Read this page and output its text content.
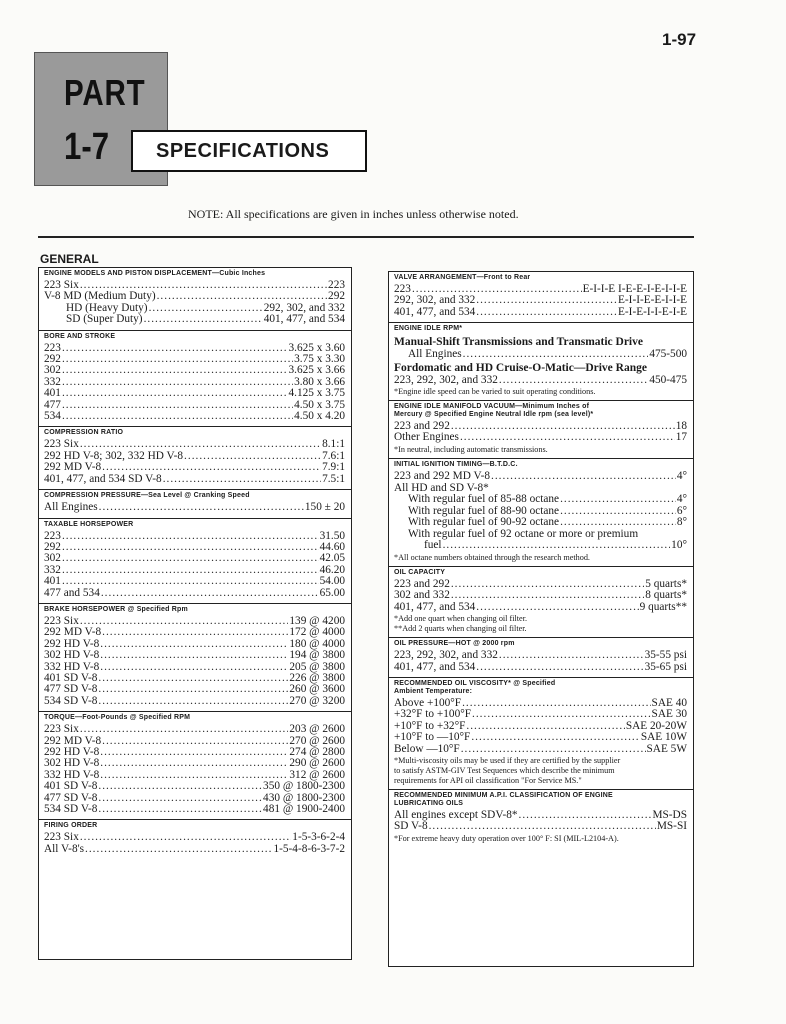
1-97
PART
1-7 SPECIFICATIONS
NOTE: All specifications are given in inches unless otherwise noted.
GENERAL
ENGINE MODELS AND PISTON DISPLACEMENT—Cubic Inches
223 Six .....	223
V-8 MD (Medium Duty) .....	292
HD (Heavy Duty) .....	292, 302, and 332
SD (Super Duty) .....	401, 477, and 534
BORE AND STROKE
223 .....	3.625 x 3.60
292 .....	3.75 x 3.30
302 .....	3.625 x 3.66
332 .....	3.80 x 3.66
401 .....	4.125 x 3.75
477 .....	4.50 x 3.75
534 .....	4.50 x 4.20
COMPRESSION RATIO
223 Six .....	8.1:1
292 HD V-8; 302, 332 HD V-8 .....	7.6:1
292 MD V-8 .....	7.9:1
401, 477, and 534 SD V-8 .....	7.5:1
COMPRESSION PRESSURE—Sea Level @ Cranking Speed
All Engines .....	150 ± 20
TAXABLE HORSEPOWER
223 .....	31.50
292 .....	44.60
302 .....	42.05
332 .....	46.20
401 .....	54.00
477 and 534 .....	65.00
BRAKE HORSEPOWER @ Specified Rpm
223 Six .....	139 @ 4200
292 MD V-8 .....	172 @ 4000
292 HD V-8 .....	180 @ 4000
302 HD V-8 .....	194 @ 3800
332 HD V-8 .....	205 @ 3800
401 SD V-8 .....	226 @ 3800
477 SD V-8 .....	260 @ 3600
534 SD V-8 .....	270 @ 3200
TORQUE—Foot-Pounds @ Specified RPM
223 Six .....	203 @ 2600
292 MD V-8 .....	270 @ 2600
292 HD V-8 .....	274 @ 2800
302 HD V-8 .....	290 @ 2600
332 HD V-8 .....	312 @ 2600
401 SD V-8 .....	350 @ 1800-2300
477 SD V-8 .....	430 @ 1800-2300
534 SD V-8 .....	481 @ 1900-2400
FIRING ORDER
223 Six .....	1-5-3-6-2-4
All V-8's .....	1-5-4-8-6-3-7-2
VALVE ARRANGEMENT—Front to Rear
223 .....	E-I-I-E I-E-E-I-E-I-I-E
292, 302, and 332 .....	E-I-I-E-E-I-I-E
401, 477, and 534 .....	E-I-E-I-I-E-I-E
ENGINE IDLE RPM*
Manual-Shift Transmissions and Transmatic Drive
All Engines .....	475-500
Fordomatic and HD Cruise-O-Matic—Drive Range
223, 292, 302, and 332 .....	450-475
*Engine idle speed can be varied to suit operating conditions.
ENGINE IDLE MANIFOLD VACUUM—Minimum Inches of
Mercury @ Specified Engine Neutral Idle rpm (sea level)*
223 and 292 .....	18
Other Engines .....	17
*In neutral, including automatic transmissions.
INITIAL IGNITION TIMING—B.T.D.C.
223 and 292 MD V-8 .....	4°
All HD and SD V-8*
With regular fuel of 85-88 octane .....	4°
With regular fuel of 88-90 octane .....	6°
With regular fuel of 90-92 octane .....	8°
With regular fuel of 92 octane or more or premium
fuel .....	10°
*All octane numbers obtained through the research method.
OIL CAPACITY
223 and 292 .....	5 quarts*
302 and 332 .....	8 quarts*
401, 477, and 534 .....	9 quarts**
*Add one quart when changing oil filter.
**Add 2 quarts when changing oil filter.
OIL PRESSURE—HOT @ 2000 rpm
223, 292, 302, and 332 .....	35-55 psi
401, 477, and 534 .....	35-65 psi
RECOMMENDED OIL VISCOSITY* @ Specified
Ambient Temperature:
Above +100°F .....	SAE 40
+32°F to +100°F .....	SAE 30
+10°F to +32°F .....	SAE 20-20W
+10°F to —10°F .....	SAE 10W
Below —10°F .....	SAE 5W
*Multi-viscosity oils may be used if they are certified by the supplier
to satisfy ASTM-GIV Test Sequences which describe the minimum
requirements for API oil classification "For Service MS."
RECOMMENDED MINIMUM A.P.I. CLASSIFICATION OF ENGINE
LUBRICATING OILS
All engines except SDV-8* .....	MS-DS
SD V-8 .....	MS-SI
*For extreme heavy duty operation over 100° F: SI (MIL-L2104-A).
